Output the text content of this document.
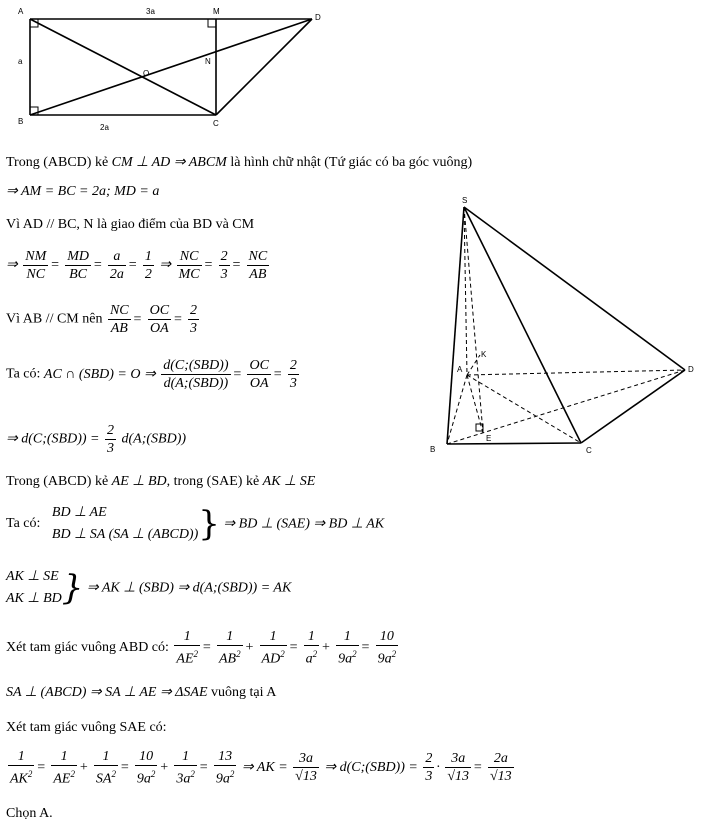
A	M
D
B	C
O
N
3a
a
2a
S
A
K
D
B
E
C
Trong (ABCD) kẻ CM ⊥ AD ⇒ ABCM là hình chữ nhật (Tứ giác có ba góc vuông)
⇒ AM = BC = 2a; MD = a
Vì AD // BC, N là giao điểm của BD và CM
⇒ $\frac{NM}{NC} = \frac{MD}{BC} = \frac{a}{2a} = \frac{1}{2}$ ⇒ $\frac{NC}{MC} = \frac{2}{3} = \frac{NC}{AB}$
Vì AB // CM nên $\frac{NC}{AB} = \frac{OC}{OA} = \frac{2}{3}$
Ta có: AC ∩ (SBD) = O ⇒ $\frac{\text{d(C;(SBD))}}{\text{d(A;(SBD))}} = \frac{OC}{OA} = \frac{2}{3}$
⇒ d(C;(SBD)) = $\frac{2}{3}$ d(A;(SBD))
Trong (ABCD) kẻ AE ⊥ BD, trong (SAE) kẻ AK ⊥ SE
Ta có:
BD ⊥ AE
BD ⊥ SA (SA ⊥ (ABCD)) } ⇒ BD ⊥ (SAE) ⇒ BD ⊥ AK
AK ⊥ SE
AK ⊥ BD } ⇒ AK ⊥ (SBD) ⇒ d(A;(SBD)) = AK
Xét tam giác vuông ABD có: $\frac{1}{AE^2} = \frac{1}{AB^2} + \frac{1}{AD^2} = \frac{1}{a^2} + \frac{1}{9a^2} = \frac{10}{9a^2}$
SA ⊥ (ABCD) ⇒ SA ⊥ AE ⇒ ΔSAE vuông tại A
Xét tam giác vuông SAE có:
$\frac{1}{AK^2} = \frac{1}{AE^2} + \frac{1}{SA^2} = \frac{10}{9a^2} + \frac{1}{3a^2} = \frac{13}{9a^2}$ ⇒ AK = $\frac{3a}{√13}$ ⇒ d(C;(SBD)) = $\frac{2}{3} \cdot \frac{3a}{√13} = \frac{2a}{√13}$
Chọn A.
